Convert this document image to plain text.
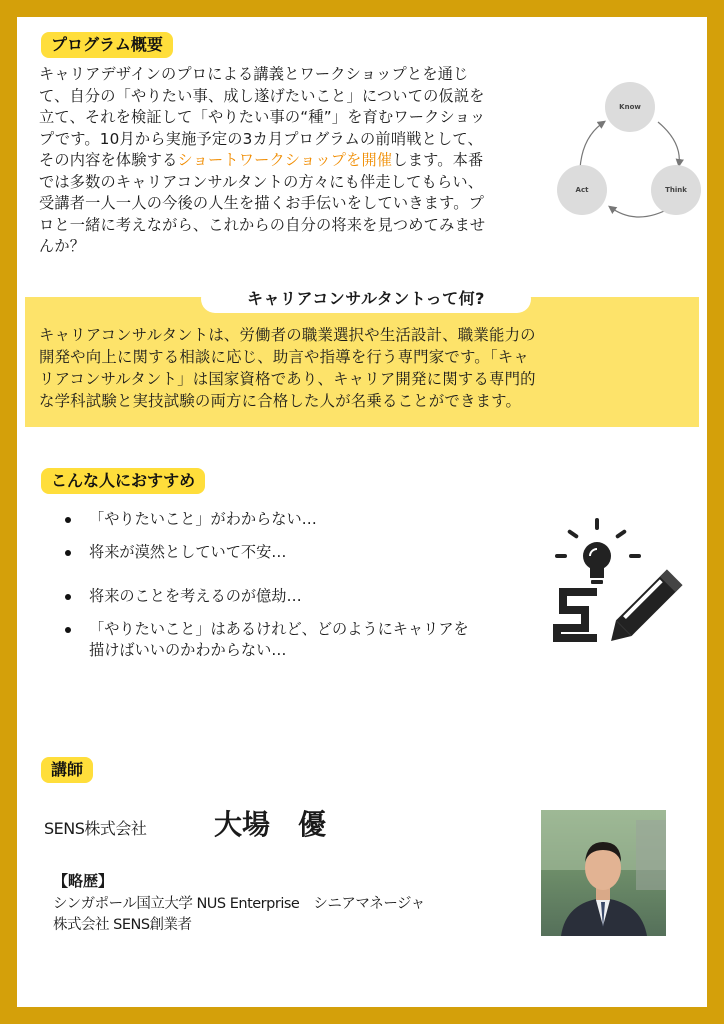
プログラム概要
キャリアデザインのプロによる講義とワークショップとを通じ
て、自分の「やりたい事、成し遂げたいこと」についての仮説を
立て、それを検証して「やりたい事の“種”」を育むワークショッ
プです。10月から実施予定の3カ月プログラムの前哨戦として、
その内容を体験するショートワークショップを開催します。本番
では多数のキャリアコンサルタントの方々にも伴走してもらい、
受講者一人一人の今後の人生を描くお手伝いをしていきます。プ
ロと一緒に考えながら、これからの自分の将来を見つめてみませ
んか？
Know
Think
Act
キャリアコンサルタントって何?
キャリアコンサルタントは、労働者の職業選択や生活設計、職業能力の
開発や向上に関する相談に応じ、助言や指導を行う専門家です。「キャ
リアコンサルタント」は国家資格であり、キャリア開発に関する専門的
な学科試験と実技試験の両方に合格した人が名乗ることができます。
こんな人におすすめ
「やりたいこと」がわからない…
将来が漠然としていて不安…
将来のことを考えるのが億劫…
「やりたいこと」はあるけれど、どのようにキャリアを
描けばいいのかわからない…
講師
SENS株式会社 大場　優
【略歴】
シンガポール国立大学 NUS Enterprise　シニアマネージャ
株式会社 SENS創業者
